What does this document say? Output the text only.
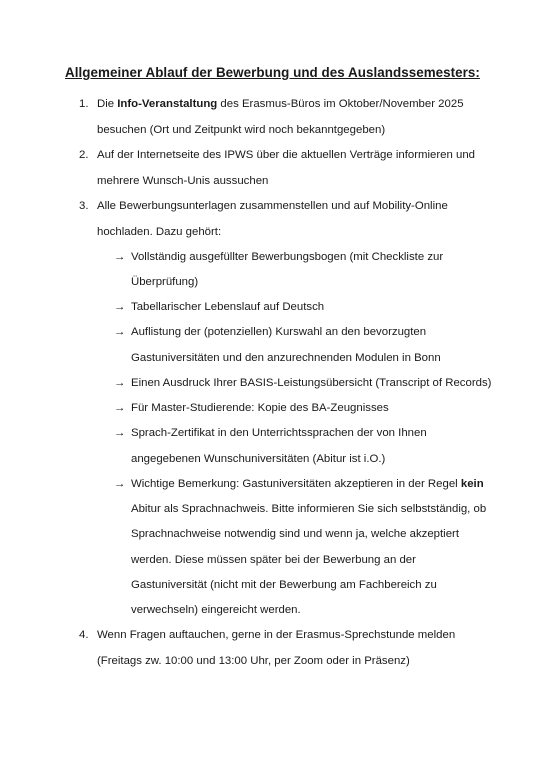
Allgemeiner Ablauf der Bewerbung und des Auslandssemesters:
1. Die Info-Veranstaltung des Erasmus-Büros im Oktober/November 2025
besuchen (Ort und Zeitpunkt wird noch bekanntgegeben)
2. Auf der Internetseite des IPWS über die aktuellen Verträge informieren und
mehrere Wunsch-Unis aussuchen
3. Alle Bewerbungsunterlagen zusammenstellen und auf Mobility-Online
hochladen. Dazu gehört:
→ Vollständig ausgefüllter Bewerbungsbogen (mit Checkliste zur
Überprüfung)
→ Tabellarischer Lebenslauf auf Deutsch
→ Auflistung der (potenziellen) Kurswahl an den bevorzugten
Gastuniversitäten und den anzurechnenden Modulen in Bonn
→ Einen Ausdruck Ihrer BASIS-Leistungsübersicht (Transcript of Records)
→ Für Master-Studierende: Kopie des BA-Zeugnisses
→ Sprach-Zertifikat in den Unterrichtssprachen der von Ihnen
angegebenen Wunschuniversitäten (Abitur ist i.O.)
→ Wichtige Bemerkung: Gastuniversitäten akzeptieren in der Regel kein
Abitur als Sprachnachweis. Bitte informieren Sie sich selbstständig, ob
Sprachnachweise notwendig sind und wenn ja, welche akzeptiert
werden. Diese müssen später bei der Bewerbung an der
Gastuniversität (nicht mit der Bewerbung am Fachbereich zu
verwechseln) eingereicht werden.
4. Wenn Fragen auftauchen, gerne in der Erasmus-Sprechstunde melden
(Freitags zw. 10:00 und 13:00 Uhr, per Zoom oder in Präsenz)
